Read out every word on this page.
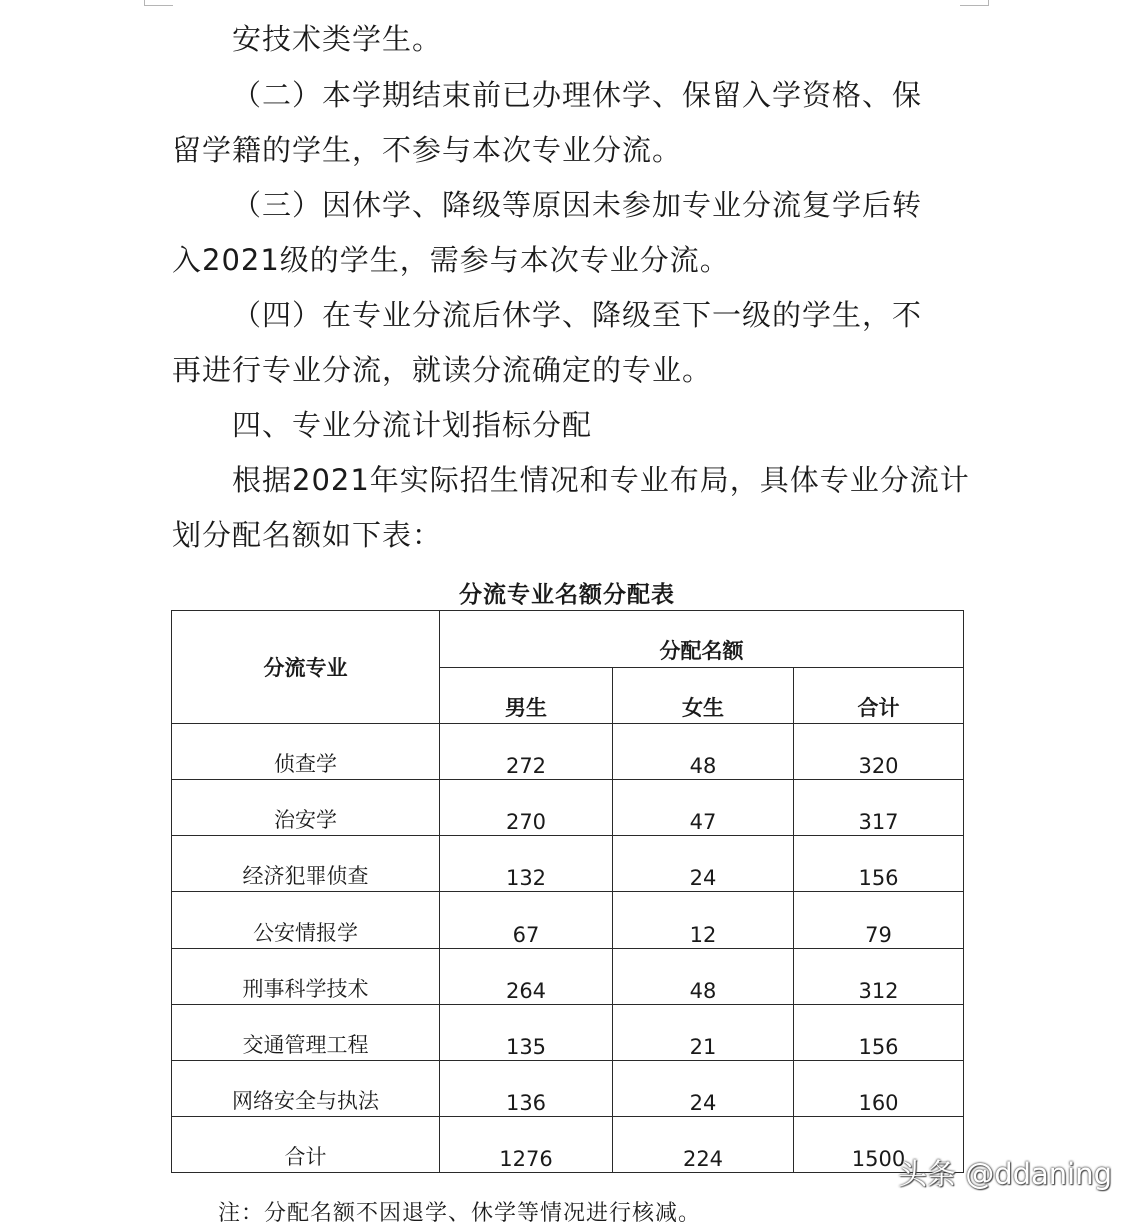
安技术类学生。
（二）本学期结束前已办理休学、保留入学资格、保
留学籍的学生，不参与本次专业分流。
（三）因休学、降级等原因未参加专业分流复学后转
入2021级的学生，需参与本次专业分流。
（四）在专业分流后休学、降级至下一级的学生，不
再进行专业分流，就读分流确定的专业。
四、专业分流计划指标分配
根据2021年实际招生情况和专业布局，具体专业分流计
划分配名额如下表：
分流专业名额分配表
分流专业	分配名额		
	男生	女生	合计
侦查学	272	48	320
治安学	270	47	317
经济犯罪侦查	132	24	156
公安情报学	67	12	79
刑事科学技术	264	48	312
交通管理工程	135	21	156
网络安全与执法	136	24	160
合计	1276	224	1500
头条 @ddaning
注：分配名额不因退学、休学等情况进行核减。
